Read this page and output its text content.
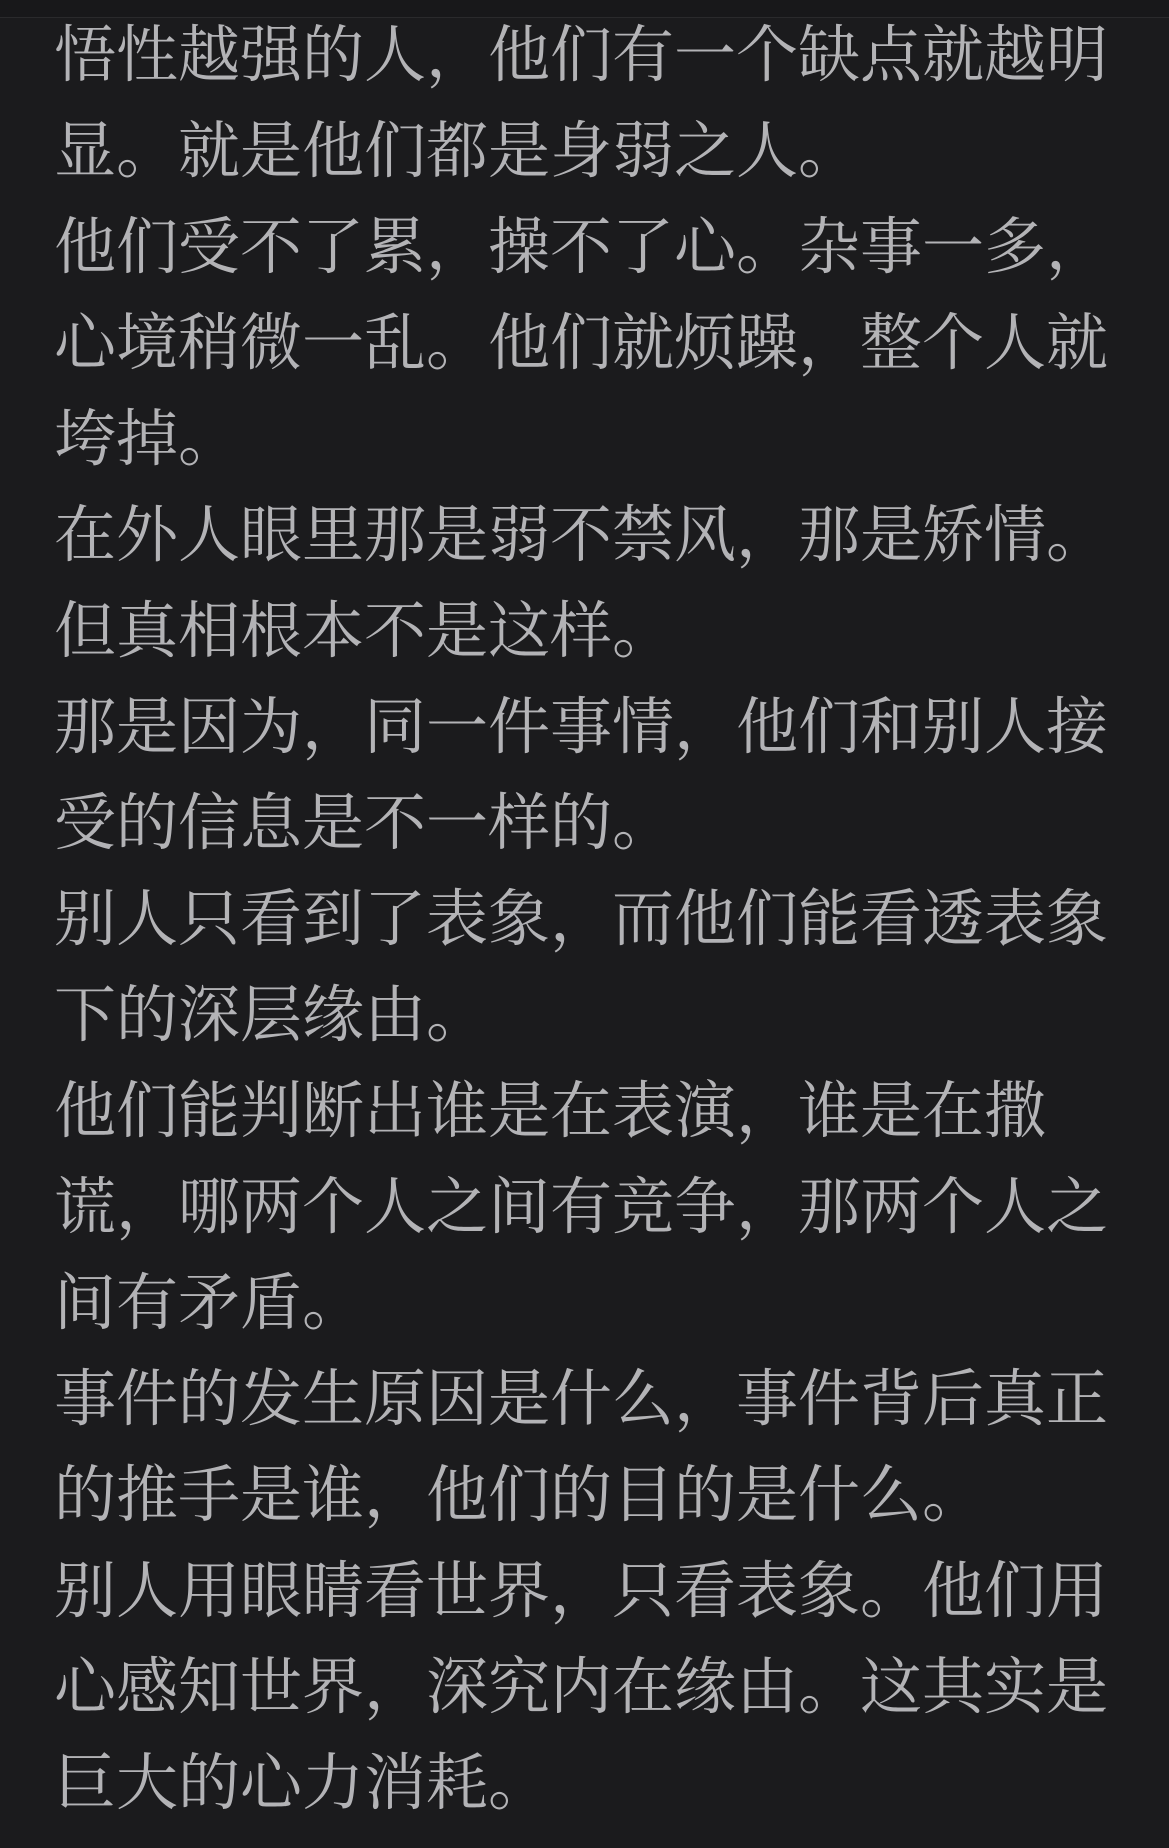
悟性越强的人，他们有一个缺点就越明
显。就是他们都是身弱之人。
他们受不了累，操不了心。杂事一多，
心境稍微一乱。他们就烦躁，整个人就
垮掉。
在外人眼里那是弱不禁风，那是矫情。
但真相根本不是这样。
那是因为，同一件事情，他们和别人接
受的信息是不一样的。
别人只看到了表象，而他们能看透表象
下的深层缘由。
他们能判断出谁是在表演，谁是在撒
谎，哪两个人之间有竞争，那两个人之
间有矛盾。
事件的发生原因是什么，事件背后真正
的推手是谁，他们的目的是什么。
别人用眼睛看世界，只看表象。他们用
心感知世界，深究内在缘由。这其实是
巨大的心力消耗。
